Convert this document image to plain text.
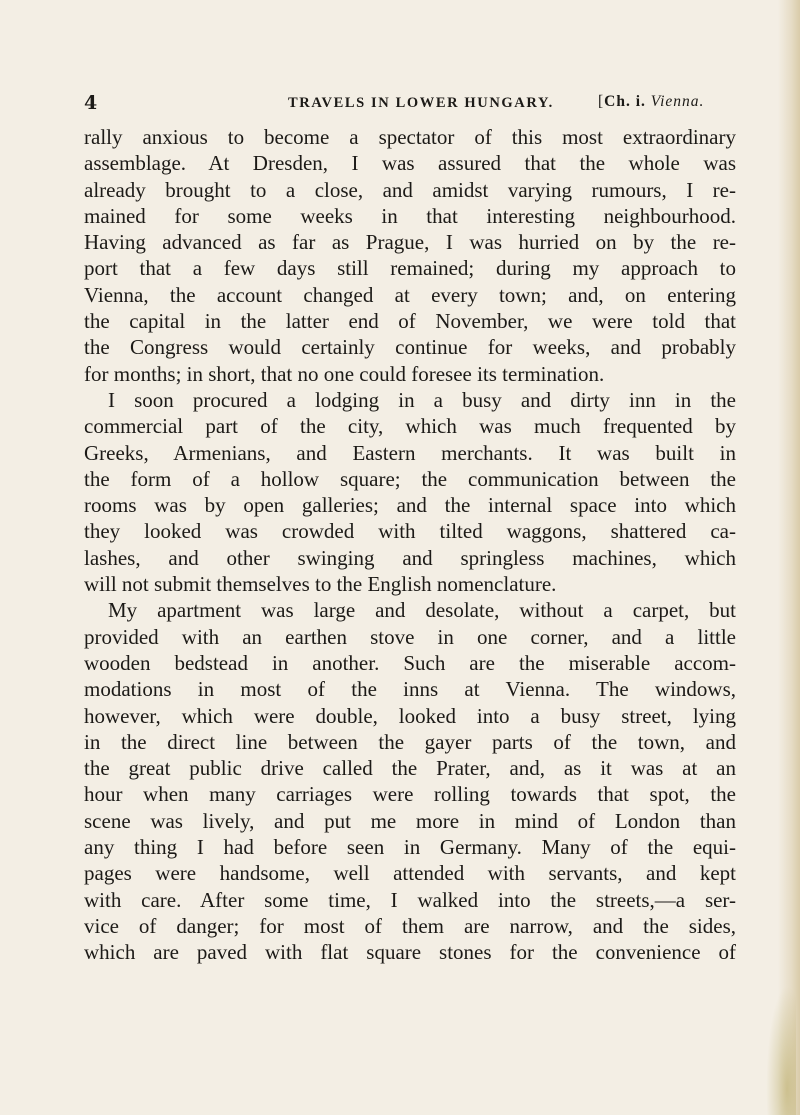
4	TRAVELS IN LOWER HUNGARY.	[Ch. i. Vienna.
rally anxious to become a spectator of this most extraordinary
assemblage. At Dresden, I was assured that the whole was
already brought to a close, and amidst varying rumours, I re-
mained for some weeks in that interesting neighbourhood.
Having advanced as far as Prague, I was hurried on by the re-
port that a few days still remained; during my approach to
Vienna, the account changed at every town; and, on entering
the capital in the latter end of November, we were told that
the Congress would certainly continue for weeks, and probably
for months; in short, that no one could foresee its termination.
I soon procured a lodging in a busy and dirty inn in the
commercial part of the city, which was much frequented by
Greeks, Armenians, and Eastern merchants. It was built in
the form of a hollow square; the communication between the
rooms was by open galleries; and the internal space into which
they looked was crowded with tilted waggons, shattered ca-
lashes, and other swinging and springless machines, which
will not submit themselves to the English nomenclature.
My apartment was large and desolate, without a carpet, but
provided with an earthen stove in one corner, and a little
wooden bedstead in another. Such are the miserable accom-
modations in most of the inns at Vienna. The windows,
however, which were double, looked into a busy street, lying
in the direct line between the gayer parts of the town, and
the great public drive called the Prater, and, as it was at an
hour when many carriages were rolling towards that spot, the
scene was lively, and put me more in mind of London than
any thing I had before seen in Germany. Many of the equi-
pages were handsome, well attended with servants, and kept
with care. After some time, I walked into the streets,—a ser-
vice of danger; for most of them are narrow, and the sides,
which are paved with flat square stones for the convenience of
